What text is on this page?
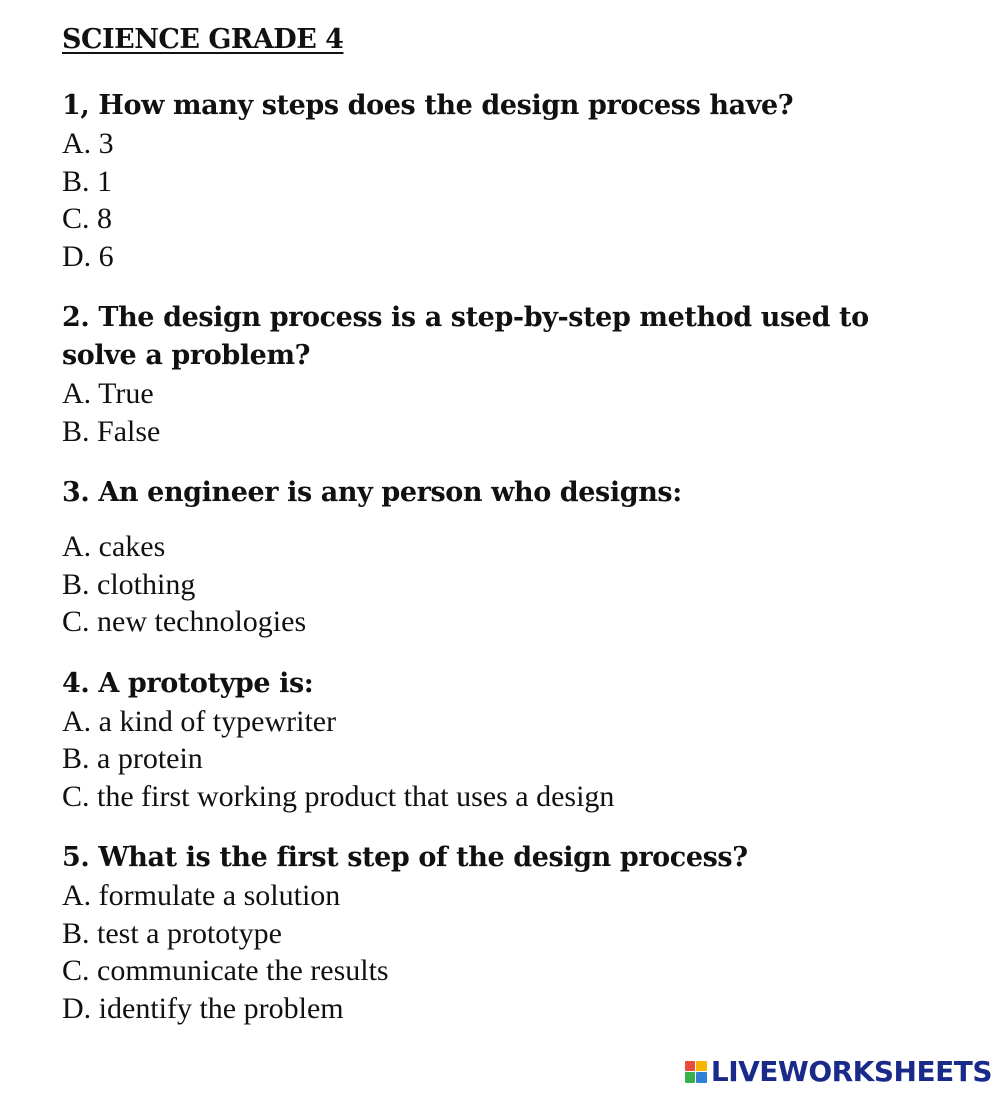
SCIENCE GRADE 4

1, How many steps does the design process have?

A. 3

B. 1

C. 8

D. 6

2. The design process is a step-by-step method used to

solve a problem?

A. True

B. False

3. An engineer is any person who designs:

A. cakes

B. clothing

C. new technologies

4. A prototype is:

A. a kind of typewriter

B. a protein

C. the first working product that uses a design

5. What is the first step of the design process?

A. formulate a solution

B. test a prototype

C. communicate the results

D. identify the problem

LIVEWORKSHEETS
